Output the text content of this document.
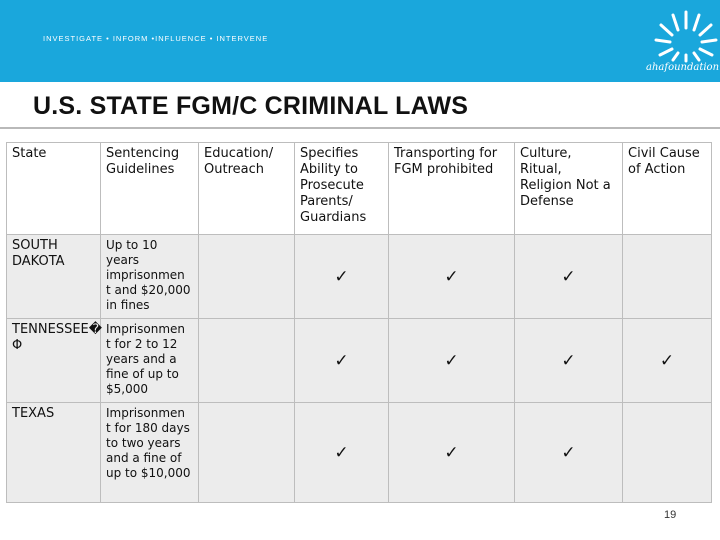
INVESTIGATE • INFORM •INFLUENCE • INTERVENE
ahafoundation
U.S. STATE FGM/C CRIMINAL LAWS
State	Sentencing Guidelines	Education/ Outreach	Specifies Ability to Prosecute Parents/ Guardians	Transporting for FGM prohibited	Culture, Ritual, Religion Not a Defense	Civil Cause of Action
SOUTH DAKOTA	Up to 10 years imprisonmen t and $20,000 in fines		✓	✓	✓	
TENNESSEE� Φ	Imprisonmen t for 2 to 12 years and a fine of up to $5,000		✓	✓	✓	✓
TEXAS	Imprisonmen t for 180 days to two years and a fine of up to $10,000		✓	✓	✓	
19
